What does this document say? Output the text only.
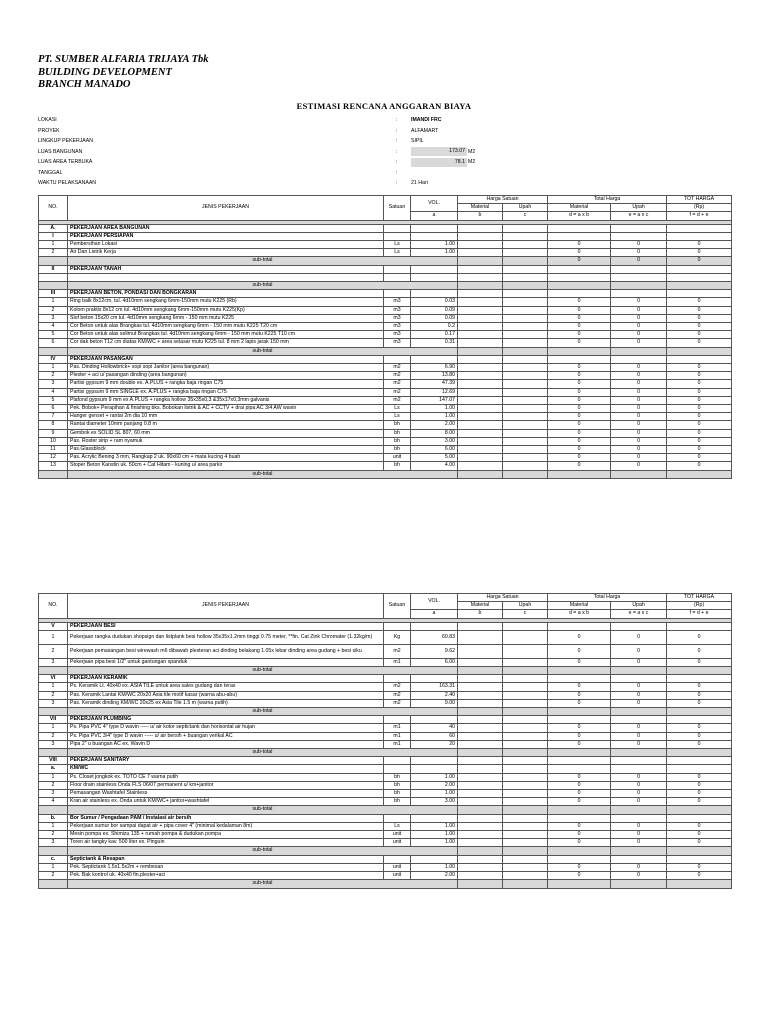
PT. SUMBER ALFARIA TRIJAYA Tbk
BUILDING DEVELOPMENT
BRANCH MANADO
ESTIMASI RENCANA ANGGARAN BIAYA
LOKASI	:	IMANDI FRC
PROYEK	:	ALFAMART
LINGKUP PEKERJAAN	:	SIPIL
LUAS BANGUNAN	:	173.07 M2
LUAS AREA TERBUKA	:	78.1 M2
TANGGAL	:
WAKTU PELAKSANAAN	:	21 Hari
NO.	JENIS PEKERJAAN	Satuan	VOL.	Harga Satuan		Total Harga		TOT HARGA
				Material	Upah	Material	Upah	(Rp)
			a	b	c	d = a x b	e = a x c	f = d + e

A.	PEKERJAAN AREA BANGUNAN							
I	PEKERJAAN PERSIAPAN							
1	Pembersihan Lokasi	Ls	1.00			0	0	0
2	Air Dan Listrik Kerja	Ls	1.00			0	0	0
	sub-total					0	0	0
II	PEKERJAAN TANAH							

	sub-total							
III	PEKERJAAN BETON, PONDASI DAN BONGKARAN							
1	Ring balk 8x12cm, tul. 4d10mm sengkang 6mm-150mm mutu K225 (Rb)	m3	0.03			0	0	0
2	Kolom praktis 8x12 cm tul. 4d10mm sengkang 6mm-150mm mutu K225(Kp)	m3	0.09			0	0	0
3	Slof beton 15x20 cm tul. 4d10mm sengkang 6mm - 150 mm mutu K225	m3	0.09			0	0	0
4	Cor Beton untuk alas Brangkas tul. 4d10mm sengkang 6mm - 150 mm mutu K225 T20 cm	m3	0.2			0	0	0
5	Cor Beton untuk alas selimut Brangkas tul. 4d10mm sengkang 6mm - 150 mm mutu K225 T10 cm	m3	0.17			0	0	0
6	Cor dak beton T12 cm diatas KM/WC + area selasar mutu K225 tul. 8 mm 2 lapis jarak 150 mm	m3	0.31			0	0	0
	sub-total							
IV	PEKERJAAN PASANGAN							
1	Pas. Dinding Hollowbrick+ sopi sopi Janitor (area bangunan)	m2	6.90			0	0	0
2	Plester + aci u/ pasangan dinding (area bangunan)	m2	13.80			0	0	0
3	Partisi gypsum 9 mm double ex. A.PLUS + rangka baja ringan C75	m2	47.39			0	0	0
4	Partisi gypsum 9 mm SINGLE ex. A.PLUS + rangka baja ringan C75	m2	12.69			0	0	0
5	Plafond gypsum 9 mm ex A.PLUS + rangka hollow 35x35x0,3 &35x17x0,3mm galvanis	m2	147.07			0	0	0
6	Pek. Bobok+ Perapihan & finishing bks. Bobokan listrik & AC + CCTV + drai pipa AC 3/4 AW wavin	Ls	1.00			0	0	0
7	Hanger genset + rantai 2m dia 10 mm	Ls	1.00			0	0	0
8	Rantai diameter 10mm panjang 0.8 m	bh	2.00			0	0	0
9	Gembok ex SOLID SL 807, 60 mm	bh	8.00			0	0	0
10	Pas. Roster sirip + ram nyamuk	bh	3.00			0	0	0
11	Pas.Glassblock	bh	6.00			0	0	0
12	Pas. Acrylic Bening 3 mm, Rangkap 2 uk. 90x60 cm + mata kucing 4 buah	unit	5.00			0	0	0
13	Stoper Beton Kanstin uk. 50cm + Cat Hitam - kuning u/ area parkir	bh	4.00			0	0	0
	sub-total							
NO.	JENIS PEKERJAAN	Satuan	VOL.	Harga Satuan		Total Harga		TOT HARGA
				Material	Upah	Material	Upah	(Rp)
			a	b	c	d = a x b	e = a x c	f = d + e

V	PEKERJAAN BESI							
1	Pekerjaan rangka dudukan shopsign dan listplank besi hollow 35x35x1.2mm tinggi 0.75 meter, **fin. Cat Zink Chromater (1.32kg/m)	Kg	60.83			0	0	0
2	Pekerjaan pemasangan besi wirewash m6 dibawah plesteran aci dinding belakang 1.05x lebar dinding area gudang + besi siku	m2	9.62			0	0	0
3	Pekerjaan pipa besi 1/2" untuk gantungan spanduk	m1	6.00			0	0	0
	sub-total							
VI	PEKERJAAN KERAMIK							
1	Ps. Keramik Lt. 40x40 ex. ASIA TILE untuk area sales gudang dan teras	m2	163.31			0	0	0
2	Pas. Keramik Lantai KM/WC 20x20 Asia tile motif kasar (warna abu-abu)	m2	2.40			0	0	0
3	Pas. Keramik dinding KM/WC 20x25 ex Asia Tile 1.5 m (warna putih)	m2	9.00			0	0	0
	sub-total							
VII	PEKERJAAN PLUMBING							
1	Ps. Pipa PVC 4" type D wavin ----- u/ air kotor septictank dan horisontal air hujan	m1	40			0	0	0
2	Ps. Pipa PVC 3/4" type D wavin ----- u/ air bersih + buangan verikal AC	m1	60			0	0	0
3	Pipa 2" u buangan AC ex. Wavin D	m1	20			0	0	0
	sub-total							
VIII	PEKERJAAN SANITARY							
a.	KM/WC							
1	Ps. Closet jongkok ex. TOTO CE 7 warna putih	bh	1.00			0	0	0
2	Floor drain stainless Onda FLS 06/07 permanent u/ km+janitor	bh	2.00			0	0	0
3	Pemasangan Washtafel Stainless	bh	1.00			0	0	0
4	Kran air stainless ex. Onda untuk KM/WC+ janitor+washtafel	bh	3.00			0	0	0
	sub-total							
b.	Bor Sumur / Pengadaan PAM / Instalasi air bersih							
1	Pekerjaan sumur bor sampai dapat air + pipa cover 4" (minimal kedalaman 8m)	Ls	1.00			0	0	0
2	Mesin pompa ex. Shimizu 135 + rumah pompa & dudukan pompa	unit	1.00			0	0	0
3	Toren air tangky kav. 500 liter ex. Pinguin	unit	1.00			0	0	0
	sub-total							
c.	Septictank & Resapan							
1	Pek. Septictank 1.5x1.5x2m + rembesan	unit	1.00			0	0	0
2	Pek. Bak kontrol uk. 40x40 fin.plester+aci	unit	2.00			0	0	0
	sub-total							
